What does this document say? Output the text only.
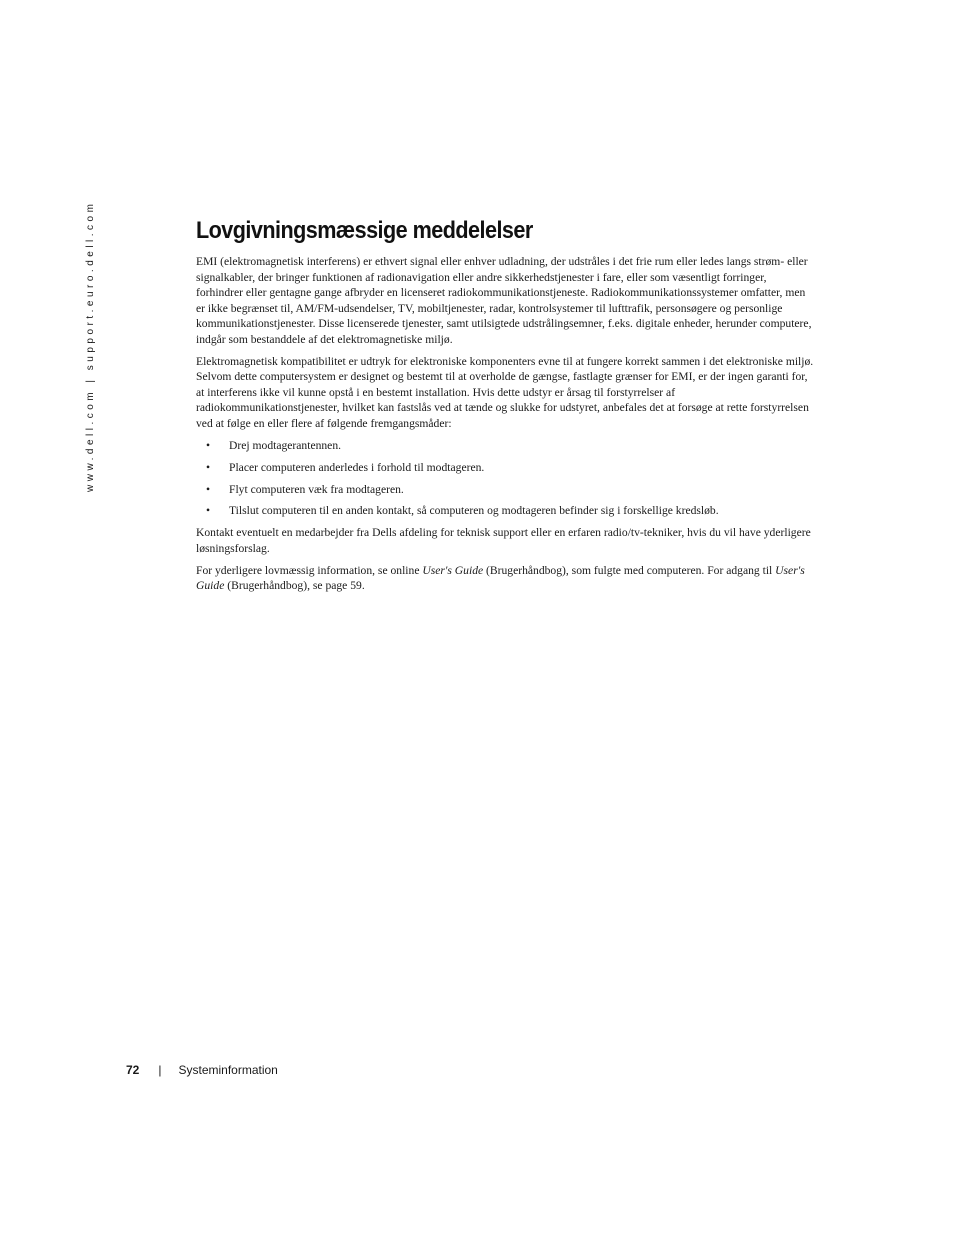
www.dell.com | support.euro.dell.com	Lovgivningsmæssige meddelelser

EMI (elektromagnetisk interferens) er ethvert signal eller enhver udladning, der udstråles i det frie rum eller ledes langs strøm- eller signalkabler, der bringer funktionen af radionavigation eller andre sikkerhedstjenester i fare, eller som væsentligt forringer, forhindrer eller gentagne gange afbryder en licenseret radiokommunikationstjeneste. Radiokommunikationssystemer omfatter, men er ikke begrænset til, AM/FM-udsendelser, TV, mobiltjenester, radar, kontrolsystemer til lufttrafik, personsøgere og personlige kommunikationstjenester. Disse licenserede tjenester, samt utilsigtede udstrålingsemner, f.eks. digitale enheder, herunder computere, indgår som bestanddele af det elektromagnetiske miljø.

Elektromagnetisk kompatibilitet er udtryk for elektroniske komponenters evne til at fungere korrekt sammen i det elektroniske miljø. Selvom dette computersystem er designet og bestemt til at overholde de gængse, fastlagte grænser for EMI, er der ingen garanti for, at interferens ikke vil kunne opstå i en bestemt installation. Hvis dette udstyr er årsag til forstyrrelser af radiokommunikationstjenester, hvilket kan fastslås ved at tænde og slukke for udstyret, anbefales det at forsøge at rette forstyrrelsen ved at følge en eller flere af følgende fremgangsmåder:

• Drej modtagerantennen.
• Placer computeren anderledes i forhold til modtageren.
• Flyt computeren væk fra modtageren.
• Tilslut computeren til en anden kontakt, så computeren og modtageren befinder sig i forskellige kredsløb.

Kontakt eventuelt en medarbejder fra Dells afdeling for teknisk support eller en erfaren radio/tv-tekniker, hvis du vil have yderligere løsningsforslag.

For yderligere lovmæssig information, se online User's Guide (Brugerhåndbog), som fulgte med computeren. For adgang til User's Guide (Brugerhåndbog), se page 59.

72 | Systeminformation
